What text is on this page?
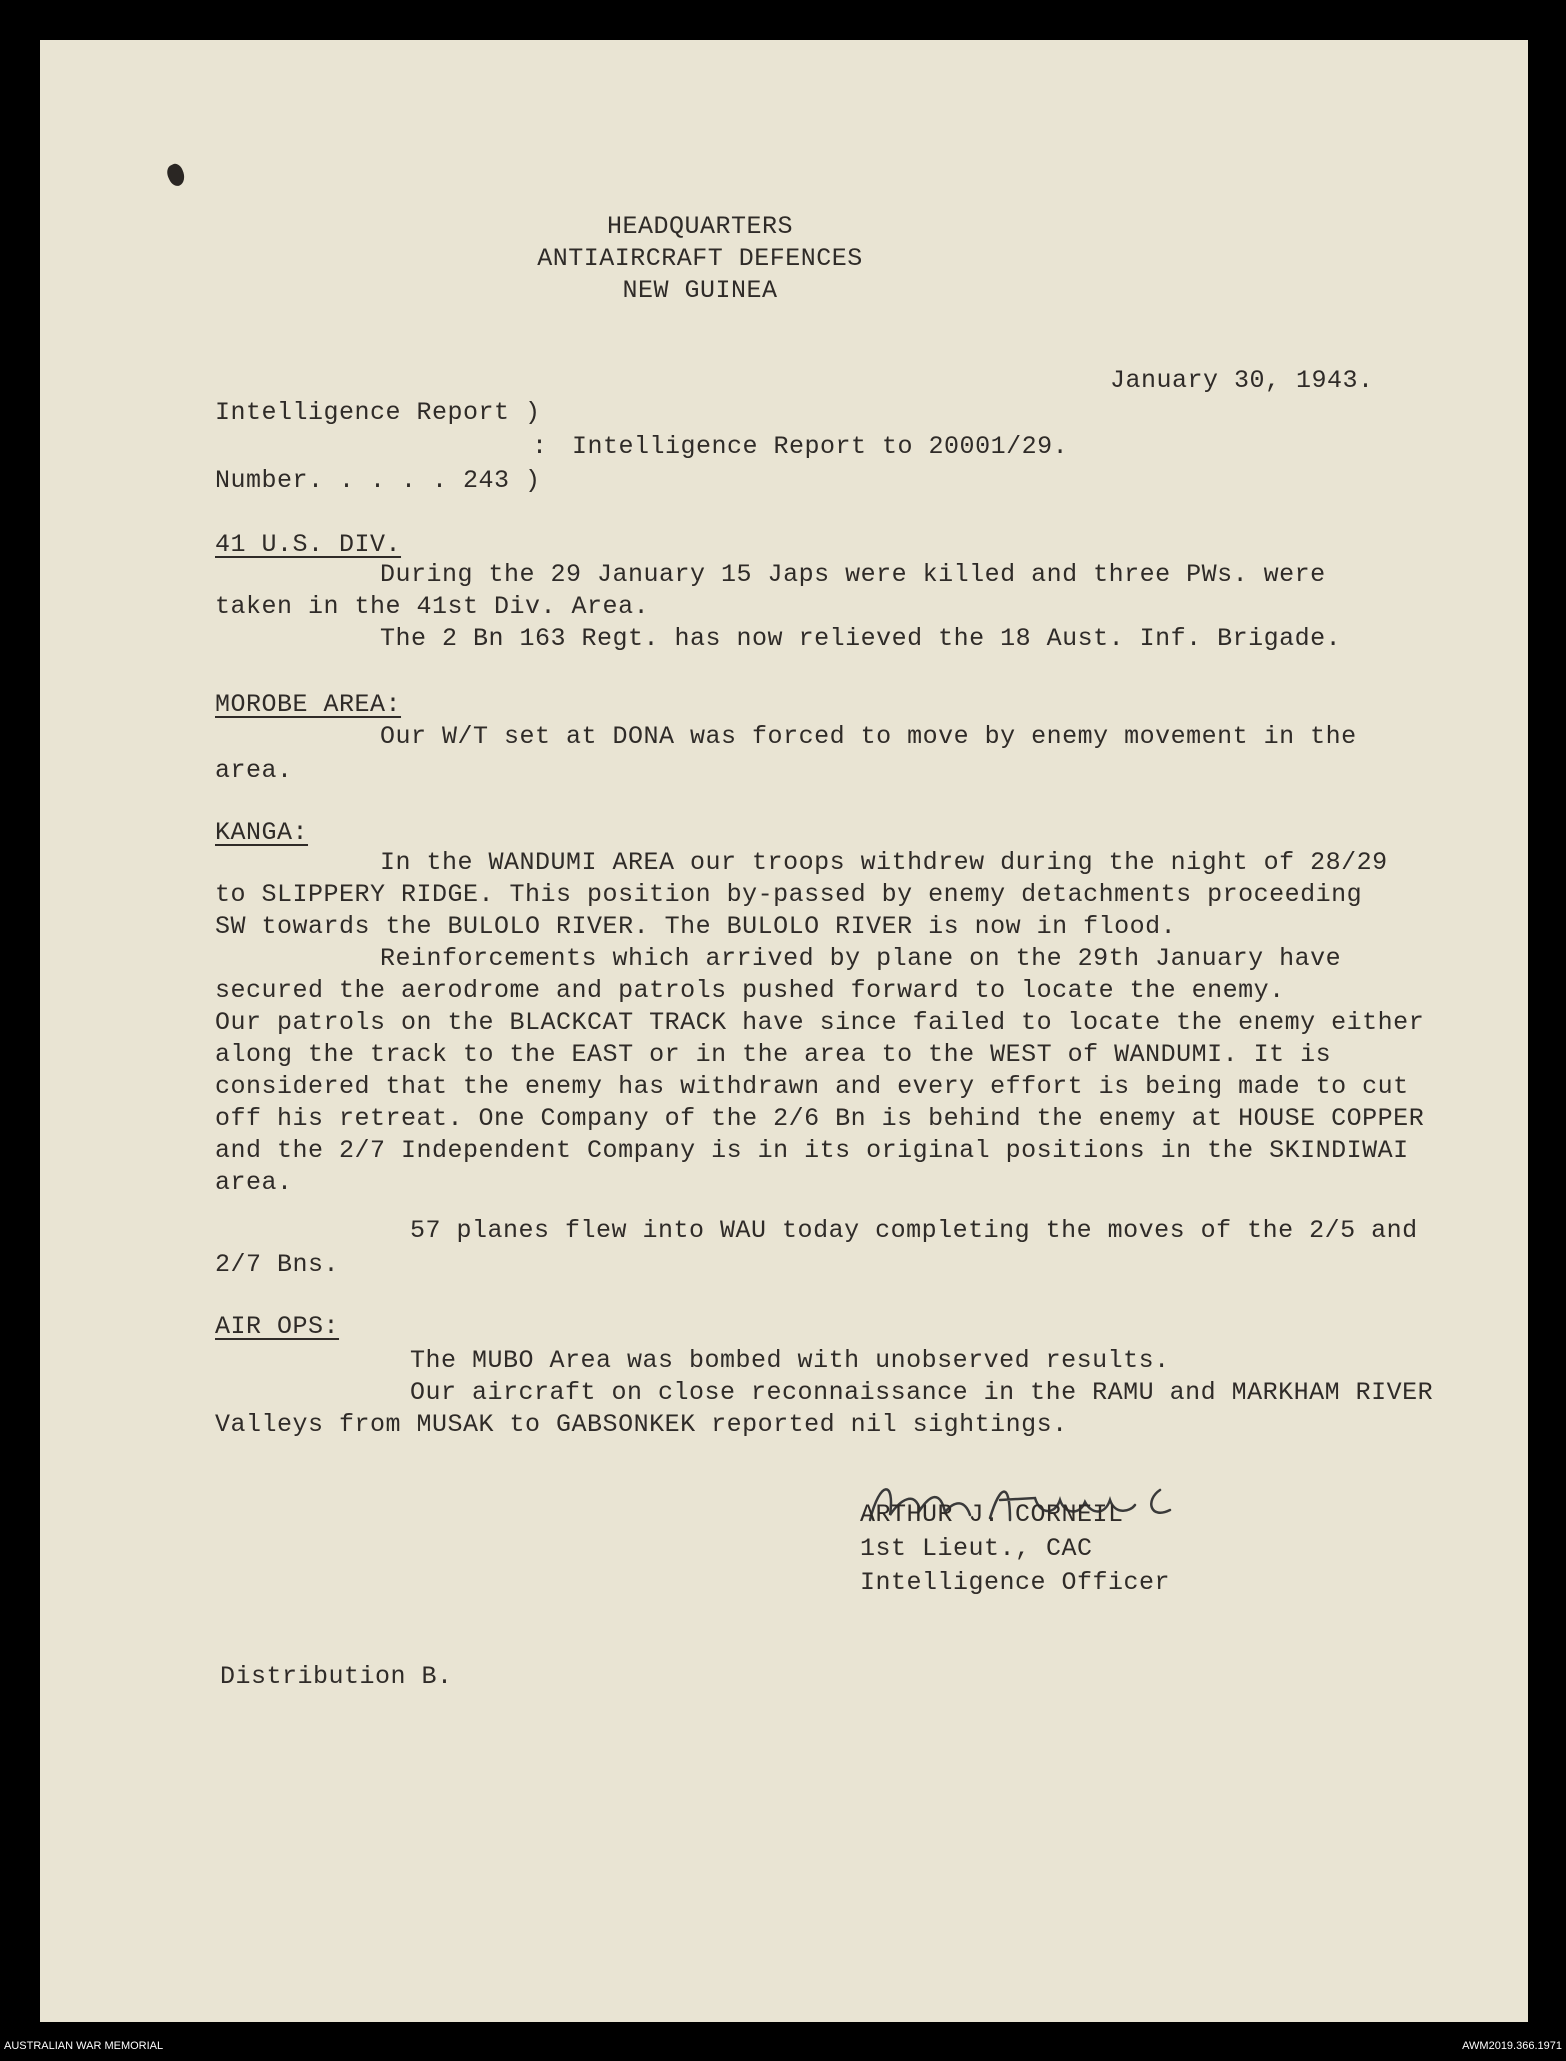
HEADQUARTERS
ANTIAIRCRAFT DEFENCES
NEW GUINEA
January 30, 1943.
Intelligence Report )
: Intelligence Report to 20001/29.
Number. . . . . 243 )
41 U.S. DIV.
During the 29 January 15 Japs were killed and three PWs. were
taken in the 41st Div. Area.
The 2 Bn 163 Regt. has now relieved the 18 Aust. Inf. Brigade.
MOROBE AREA:
Our W/T set at DONA was forced to move by enemy movement in the
area.
KANGA:
In the WANDUMI AREA our troops withdrew during the night of 28/29
to SLIPPERY RIDGE. This position by-passed by enemy detachments proceeding
SW towards the BULOLO RIVER. The BULOLO RIVER is now in flood.
Reinforcements which arrived by plane on the 29th January have
secured the aerodrome and patrols pushed forward to locate the enemy.
Our patrols on the BLACKCAT TRACK have since failed to locate the enemy either
along the track to the EAST or in the area to the WEST of WANDUMI. It is
considered that the enemy has withdrawn and every effort is being made to cut
off his retreat. One Company of the 2/6 Bn is behind the enemy at HOUSE COPPER
and the 2/7 Independent Company is in its original positions in the SKINDIWAI
area.
57 planes flew into WAU today completing the moves of the 2/5 and
2/7 Bns.
AIR OPS:
The MUBO Area was bombed with unobserved results.
Our aircraft on close reconnaissance in the RAMU and MARKHAM RIVER
Valleys from MUSAK to GABSONKEK reported nil sightings.
ARTHUR J. CORNEIL
1st Lieut., CAC
Intelligence Officer
Distribution B.
AUSTRALIAN WAR MEMORIAL	AWM2019.366.1971
